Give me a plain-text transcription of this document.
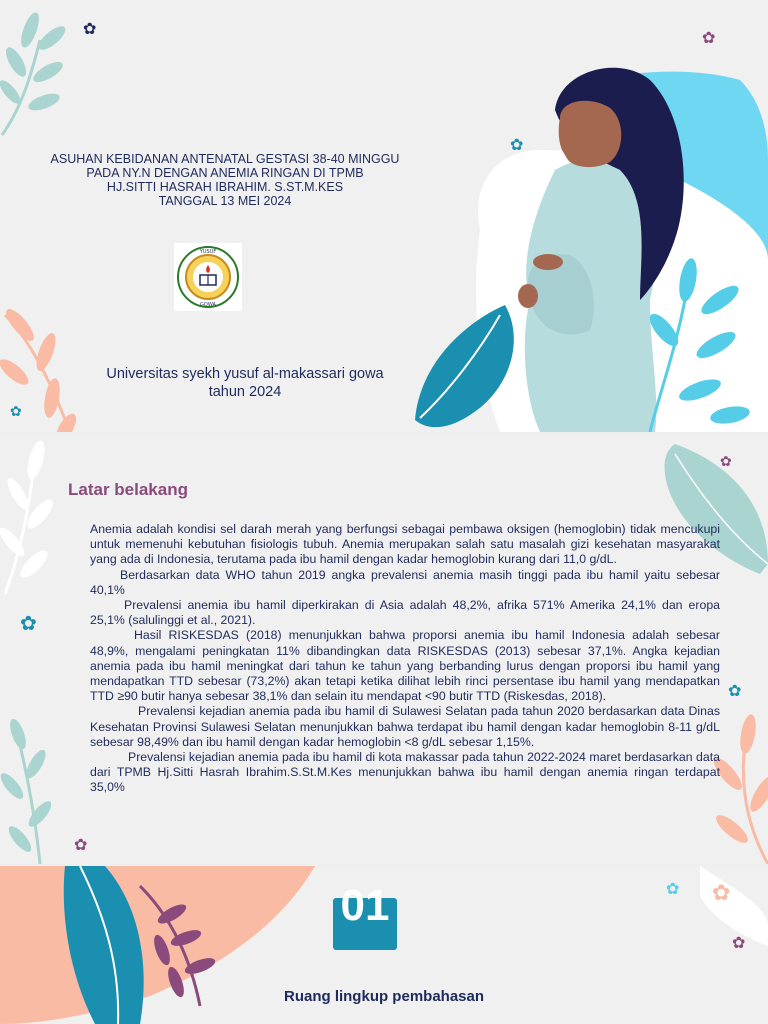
✿
✿
✿
✿
ASUHAN KEBIDANAN ANTENATAL GESTASI 38-40 MINGGU
PADA NY.N DENGAN ANEMIA RINGAN DI TPMB
HJ.SITTI HASRAH IBRAHIM. S.ST.M.KES
TANGGAL 13 MEI 2024
YUSUF
GOWA
Universitas syekh yusuf al-makassari gowa
tahun 2024
✿
✿
✿
✿
Latar belakang

Anemia adalah kondisi sel darah merah yang berfungsi sebagai pembawa oksigen (hemoglobin) tidak mencukupi untuk memenuhi kebutuhan fisiologis tubuh. Anemia merupakan salah satu masalah gizi kesehatan masyarakat yang ada di Indonesia, terutama pada ibu hamil dengan kadar hemoglobin kurang dari 11,0 g/dL.

Berdasarkan data WHO tahun 2019 angka prevalensi anemia masih tinggi pada ibu hamil yaitu sebesar 40,1%

Prevalensi anemia ibu hamil diperkirakan di Asia adalah 48,2%, afrika 571% Amerika 24,1% dan eropa 25,1% (salulinggi et al., 2021).

Hasil RISKESDAS (2018) menunjukkan bahwa proporsi anemia ibu hamil Indonesia adalah sebesar 48,9%, mengalami peningkatan 11% dibandingkan data RISKESDAS (2013) sebesar 37,1%. Angka kejadian anemia pada ibu hamil meningkat dari tahun ke tahun yang berbanding lurus dengan proporsi ibu hamil yang mendapatkan TTD sebesar (73,2%) akan tetapi ketika dilihat lebih rinci persentase ibu hamil yang mendapatkan TTD ≥90 butir hanya sebesar 38,1% dan selain itu mendapat <90 butir TTD (Riskesdas, 2018).

Prevalensi kejadian anemia pada ibu hamil di Sulawesi Selatan pada tahun 2020 berdasarkan data Dinas Kesehatan Provinsi Sulawesi Selatan menunjukkan bahwa terdapat ibu hamil dengan kadar hemoglobin 8-11 g/dL sebesar 98,49% dan ibu hamil dengan kadar hemoglobin <8 g/dL sebesar 1,15%.

Prevalensi kejadian anemia pada ibu hamil di kota makassar pada tahun 2022-2024 maret berdasarkan data dari TPMB Hj.Sitti Hasrah Ibrahim.S.St.M.Kes menunjukkan bahwa ibu hamil dengan anemia ringan terdapat 35,0%

✿ ✿
✿
01
Ruang lingkup pembahasan
